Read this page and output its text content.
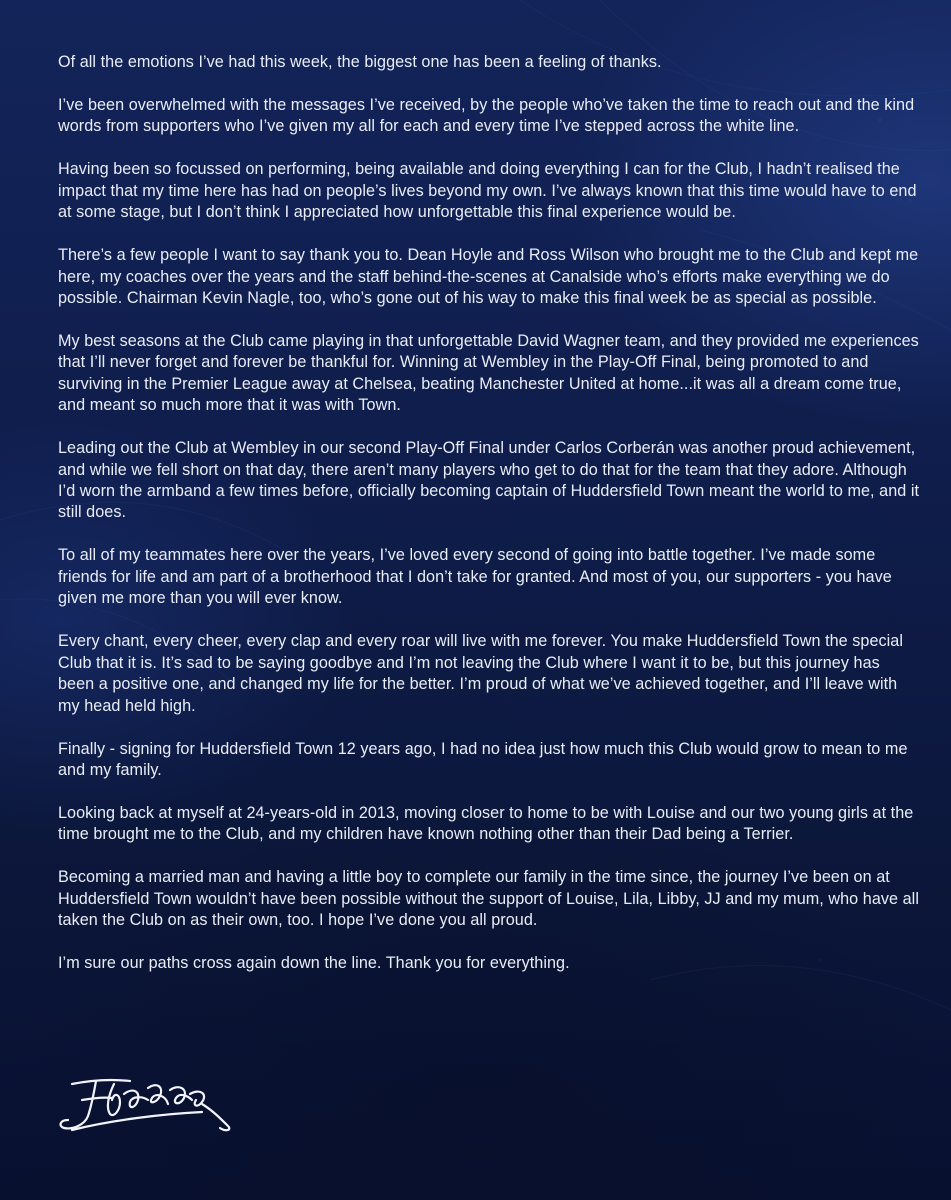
Of all the emotions I’ve had this week, the biggest one has been a feeling of thanks.

I’ve been overwhelmed with the messages I’ve received, by the people who’ve taken the time to reach out and the kind words from supporters who I’ve given my all for each and every time I’ve stepped across the white line.

Having been so focussed on performing, being available and doing everything I can for the Club, I hadn’t realised the impact that my time here has had on people’s lives beyond my own. I’ve always known that this time would have to end at some stage, but I don’t think I appreciated how unforgettable this final experience would be.

There’s a few people I want to say thank you to. Dean Hoyle and Ross Wilson who brought me to the Club and kept me here, my coaches over the years and the staff behind-the-scenes at Canalside who’s efforts make everything we do possible. Chairman Kevin Nagle, too, who’s gone out of his way to make this final week be as special as possible.

My best seasons at the Club came playing in that unforgettable David Wagner team, and they provided me experiences that I’ll never forget and forever be thankful for. Winning at Wembley in the Play-Off Final, being promoted to and surviving in the Premier League away at Chelsea, beating Manchester United at home...it was all a dream come true, and meant so much more that it was with Town.

Leading out the Club at Wembley in our second Play-Off Final under Carlos Corberán was another proud achievement, and while we fell short on that day, there aren’t many players who get to do that for the team that they adore. Although I’d worn the armband a few times before, officially becoming captain of Huddersfield Town meant the world to me, and it still does.

To all of my teammates here over the years, I’ve loved every second of going into battle together. I’ve made some friends for life and am part of a brotherhood that I don’t take for granted. And most of you, our supporters - you have given me more than you will ever know.

Every chant, every cheer, every clap and every roar will live with me forever. You make Huddersfield Town the special Club that it is. It’s sad to be saying goodbye and I’m not leaving the Club where I want it to be, but this journey has been a positive one, and changed my life for the better. I’m proud of what we’ve achieved together, and I’ll leave with my head held high.

Finally - signing for Huddersfield Town 12 years ago, I had no idea just how much this Club would grow to mean to me and my family.

Looking back at myself at 24-years-old in 2013, moving closer to home to be with Louise and our two young girls at the time brought me to the Club, and my children have known nothing other than their Dad being a Terrier.

Becoming a married man and having a little boy to complete our family in the time since, the journey I’ve been on at Huddersfield Town wouldn’t have been possible without the support of Louise, Lila, Libby, JJ and my mum, who have all taken the Club on as their own, too. I hope I’ve done you all proud.

I’m sure our paths cross again down the line. Thank you for everything.
